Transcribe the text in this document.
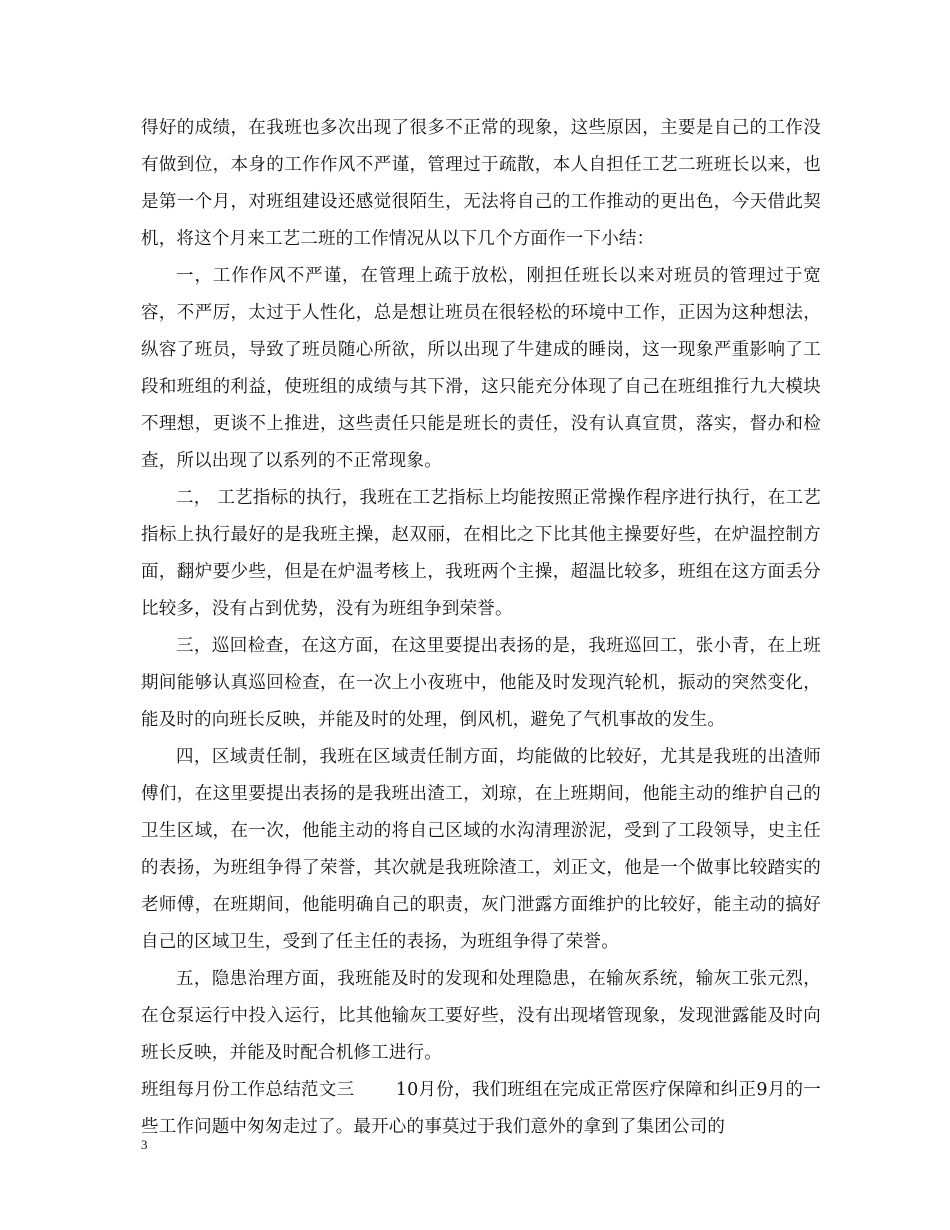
得好的成绩，在我班也多次出现了很多不正常的现象，这些原因，主要是自己的工作没有做到位，本身的工作作风不严谨，管理过于疏散，本人自担任工艺二班班长以来，也是第一个月，对班组建设还感觉很陌生，无法将自己的工作推动的更出色，今天借此契机，将这个月来工艺二班的工作情况从以下几个方面作一下小结：

一，工作作风不严谨，在管理上疏于放松，刚担任班长以来对班员的管理过于宽容，不严厉，太过于人性化，总是想让班员在很轻松的环境中工作，正因为这种想法，纵容了班员，导致了班员随心所欲，所以出现了牛建成的睡岗，这一现象严重影响了工段和班组的利益，使班组的成绩与其下滑，这只能充分体现了自己在班组推行九大模块不理想，更谈不上推进，这些责任只能是班长的责任，没有认真宣贯，落实，督办和检查，所以出现了以系列的不正常现象。

二， 工艺指标的执行，我班在工艺指标上均能按照正常操作程序进行执行，在工艺指标上执行最好的是我班主操，赵双丽，在相比之下比其他主操要好些，在炉温控制方面，翻炉要少些，但是在炉温考核上，我班两个主操，超温比较多，班组在这方面丢分比较多，没有占到优势，没有为班组争到荣誉。

三，巡回检查，在这方面，在这里要提出表扬的是，我班巡回工，张小青，在上班期间能够认真巡回检查，在一次上小夜班中，他能及时发现汽轮机，振动的突然变化，能及时的向班长反映，并能及时的处理，倒风机，避免了气机事故的发生。

四，区域责任制，我班在区域责任制方面，均能做的比较好，尤其是我班的出渣师傅们，在这里要提出表扬的是我班出渣工，刘琼，在上班期间，他能主动的维护自己的卫生区域，在一次，他能主动的将自己区域的水沟清理淤泥，受到了工段领导，史主任的表扬，为班组争得了荣誉，其次就是我班除渣工，刘正文，他是一个做事比较踏实的老师傅，在班期间，他能明确自己的职责，灰门泄露方面维护的比较好，能主动的搞好自己的区域卫生，受到了任主任的表扬，为班组争得了荣誉。

五，隐患治理方面，我班能及时的发现和处理隐患，在输灰系统，输灰工张元烈，在仓泵运行中投入运行，比其他输灰工要好些，没有出现堵管现象，发现泄露能及时向班长反映，并能及时配合机修工进行。

班组每月份工作总结范文三　　 10月份，我们班组在完成正常医疗保障和纠正9月的一些工作问题中匆匆走过了。最开心的事莫过于我们意外的拿到了集团公司的

3
